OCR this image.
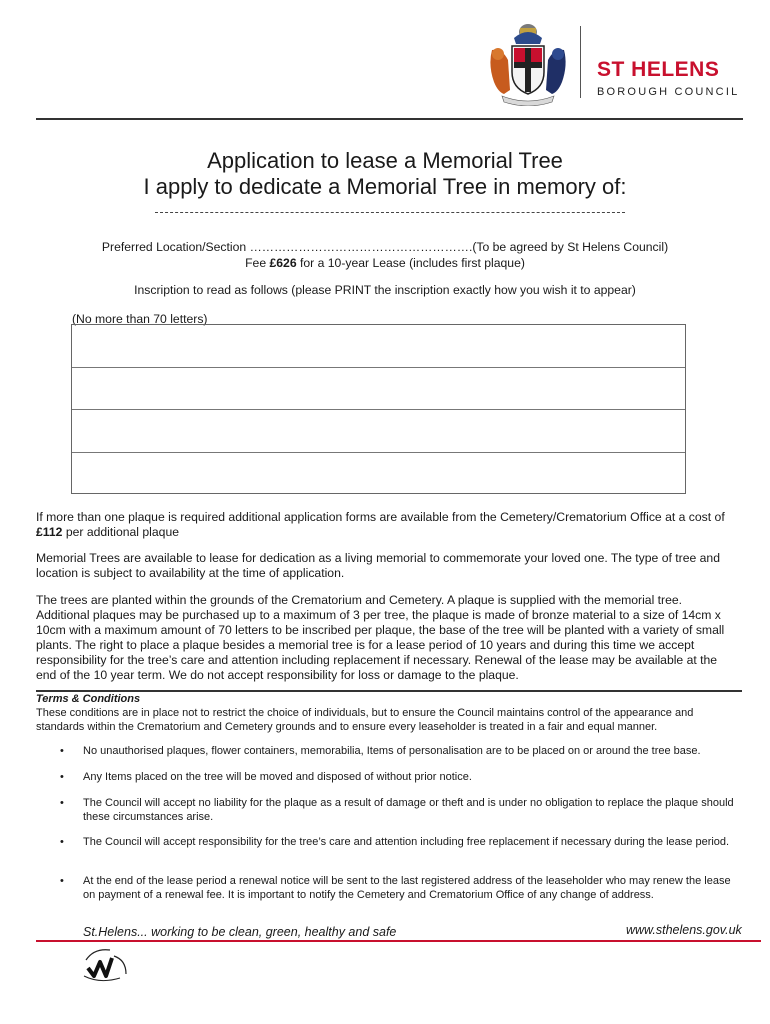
ST HELENS
BOROUGH COUNCIL
Application to lease a Memorial Tree
I apply to dedicate a Memorial Tree in memory of:
Preferred Location/Section ……………………………………………….(To be agreed by St Helens Council)
Fee £626 for a 10-year Lease (includes first plaque)
Inscription to read as follows (please PRINT the inscription exactly how you wish it to appear)
(No more than 70 letters)
If more than one plaque is required additional application forms are available from the Cemetery/Crematorium Office at a cost of £112 per additional plaque
Memorial Trees are available to lease for dedication as a living memorial to commemorate your loved one. The type of tree and location is subject to availability at the time of application.
The trees are planted within the grounds of the Crematorium and Cemetery. A plaque is supplied with the memorial tree. Additional plaques may be purchased up to a maximum of 3 per tree, the plaque is made of bronze material to a size of 14cm x 10cm with a maximum amount of 70 letters to be inscribed per plaque, the base of the tree will be planted with a variety of small plants. The right to place a plaque besides a memorial tree is for a lease period of 10 years and during this time we accept responsibility for the tree’s care and attention including replacement if necessary. Renewal of the lease may be available at the end of the 10 year term. We do not accept responsibility for loss or damage to the plaque.
Terms & Conditions
These conditions are in place not to restrict the choice of individuals, but to ensure the Council maintains control of the appearance and standards within the Crematorium and Cemetery grounds and to ensure every leaseholder is treated in a fair and equal manner.
• No unauthorised plaques, flower containers, memorabilia, Items of personalisation are to be placed on or around the tree base.
• Any Items placed on the tree will be moved and disposed of without prior notice.
• The Council will accept no liability for the plaque as a result of damage or theft and is under no obligation to replace the plaque should these circumstances arise.
• The Council will accept responsibility for the tree’s care and attention including free replacement if necessary during the lease period.
• At the end of the lease period a renewal notice will be sent to the last registered address of the leaseholder who may renew the lease on payment of a renewal fee. It is important to notify the Cemetery and Crematorium Office of any change of address.
St.Helens... working to be clean, green, healthy and safe	www.sthelens.gov.uk
